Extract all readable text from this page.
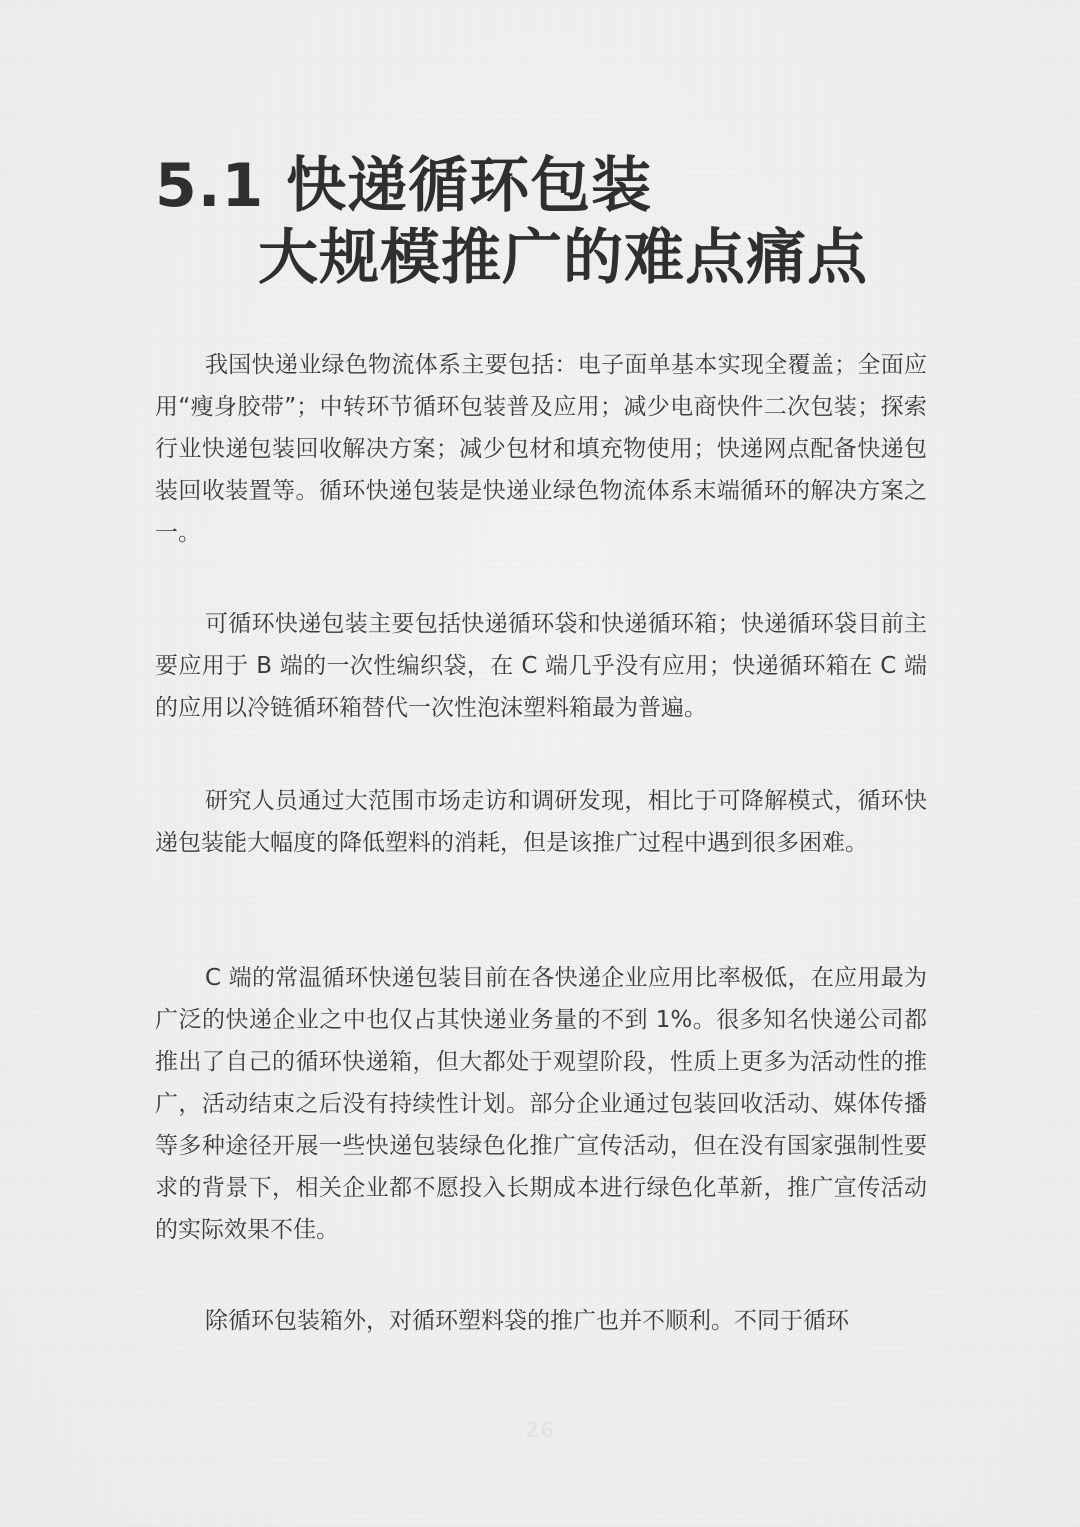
5.1 快递循环包装
大规模推广的难点痛点

我国快递业绿色物流体系主要包括：电子面单基本实现全覆盖；全面应用“瘦身胶带”；中转环节循环包装普及应用；减少电商快件二次包装；探索行业快递包装回收解决方案；减少包材和填充物使用；快递网点配备快递包装回收装置等。循环快递包装是快递业绿色物流体系末端循环的解决方案之一。

可循环快递包装主要包括快递循环袋和快递循环箱；快递循环袋目前主要应用于 B 端的一次性编织袋，在 C 端几乎没有应用；快递循环箱在 C 端的应用以冷链循环箱替代一次性泡沫塑料箱最为普遍。

研究人员通过大范围市场走访和调研发现，相比于可降解模式，循环快递包装能大幅度的降低塑料的消耗，但是该推广过程中遇到很多困难。

C 端的常温循环快递包装目前在各快递企业应用比率极低，在应用最为广泛的快递企业之中也仅占其快递业务量的不到 1%。很多知名快递公司都推出了自己的循环快递箱，但大都处于观望阶段，性质上更多为活动性的推广，活动结束之后没有持续性计划。部分企业通过包装回收活动、媒体传播等多种途径开展一些快递包装绿色化推广宣传活动，但在没有国家强制性要求的背景下，相关企业都不愿投入长期成本进行绿色化革新，推广宣传活动的实际效果不佳。

除循环包装箱外，对循环塑料袋的推广也并不顺利。不同于循环

26
